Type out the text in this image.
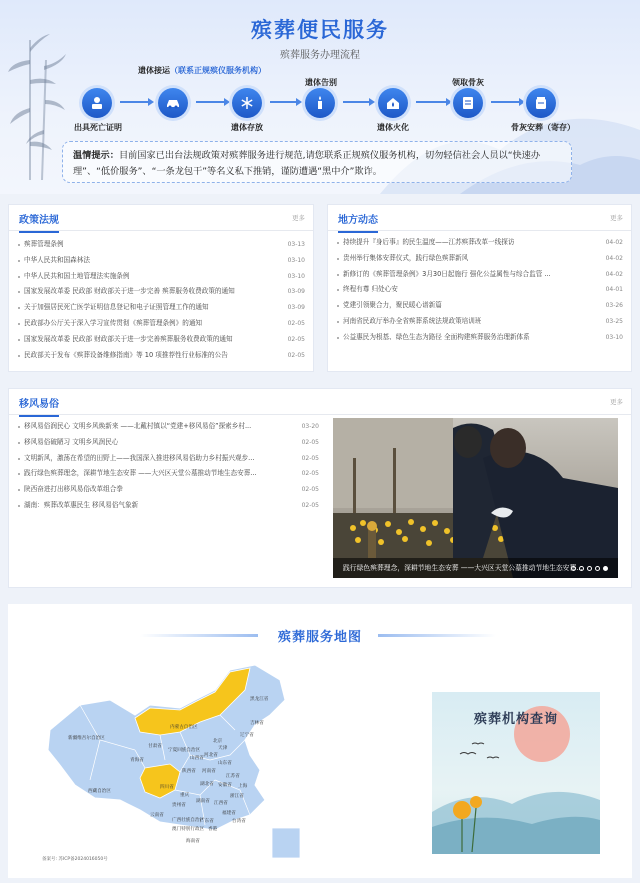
殡葬便民服务
殡葬服务办理流程
出具死亡证明
遗体接运（联系正规殡仪服务机构）
遗体存放
遗体告别
遗体火化
领取骨灰
骨灰安葬（寄存）
温情提示：目前国家已出台法规政策对殡葬服务进行规范,请您联系正规殡仪服务机构，切勿轻信社会人员以“快速办理”、“低价服务”、“一条龙包干”等名义私下推销，谨防遭遇“黑中介”欺诈。
政策法规	更多
殡葬管理条例	03-13
中华人民共和国森林法	03-10
中华人民共和国土地管理法实施条例	03-10
国家发展改革委 民政部 财政部关于进一步完善 殡葬服务收费政策的通知	03-09
关于加强居民死亡医学证明信息登记和电子证照管理工作的通知	03-09
民政部办公厅关于深入学习宣传贯彻《殡葬管理条例》的通知	02-05
国家发展改革委 民政部 财政部关于进一步完善殡葬服务收费政策的通知	02-05
民政部关于发布《殡葬设备维修指南》等 10 项推荐性行业标准的公告	02-05
地方动态	更多
持续提升『身后事』的民生温度——江苏殡葬改革一线探访	04-02
贵州举行集体安葬仪式，践行绿色殡葬新风	04-02
新修订的《殡葬管理条例》3月30日起施行 强化公益属性与综合监管 ...	04-02
终程有尊 归处心安	04-01
党建引领聚合力，聚民暖心谱新篇	03-26
河南省民政厅举办全省殡葬系统法规政策培训班	03-25
公益惠民为根基、绿色生态为路径 全面构建殡葬服务治理新体系	03-10
移风易俗	更多
移风易俗润民心 文明乡风焕新来 ——北戴村镇以“党建+移风易俗”探索乡村...	03-20
移风易俗破陋习 文明乡风润民心	02-05
文明新风，激荡在希望的田野上——我国深入推进移风易俗助力乡村振兴观步...	02-05
践行绿色殡葬理念，深耕节地生态安葬 ——大兴区天堂公墓推动节地生态安葬...	02-05
陕西奋进打出移风易俗改革组合拳	02-05
湖南：殡葬改革惠民生 移风易俗气象新	02-05
践行绿色殡葬理念，深耕节地生态安葬 ——大兴区天堂公墓推动节地生态安葬...
殡葬服务地图
黑龙江省
吉林省
辽宁省
内蒙古自治区
新疆维吾尔自治区
甘肃省
宁夏回族自治区
北京
天津
河北省
山西省
山东省
青海省
陕西省 河南省
江苏省
西藏自治区
四川省
湖北省 安徽省 上海
重庆	浙江省
湖南省 江西省
贵州省
福建省
云南省
广西壮族自治区
广东省	台湾省
澳门特别行政区 香港
海南省
备案号: 苏ICP备2024016050号
殡葬机构查询
